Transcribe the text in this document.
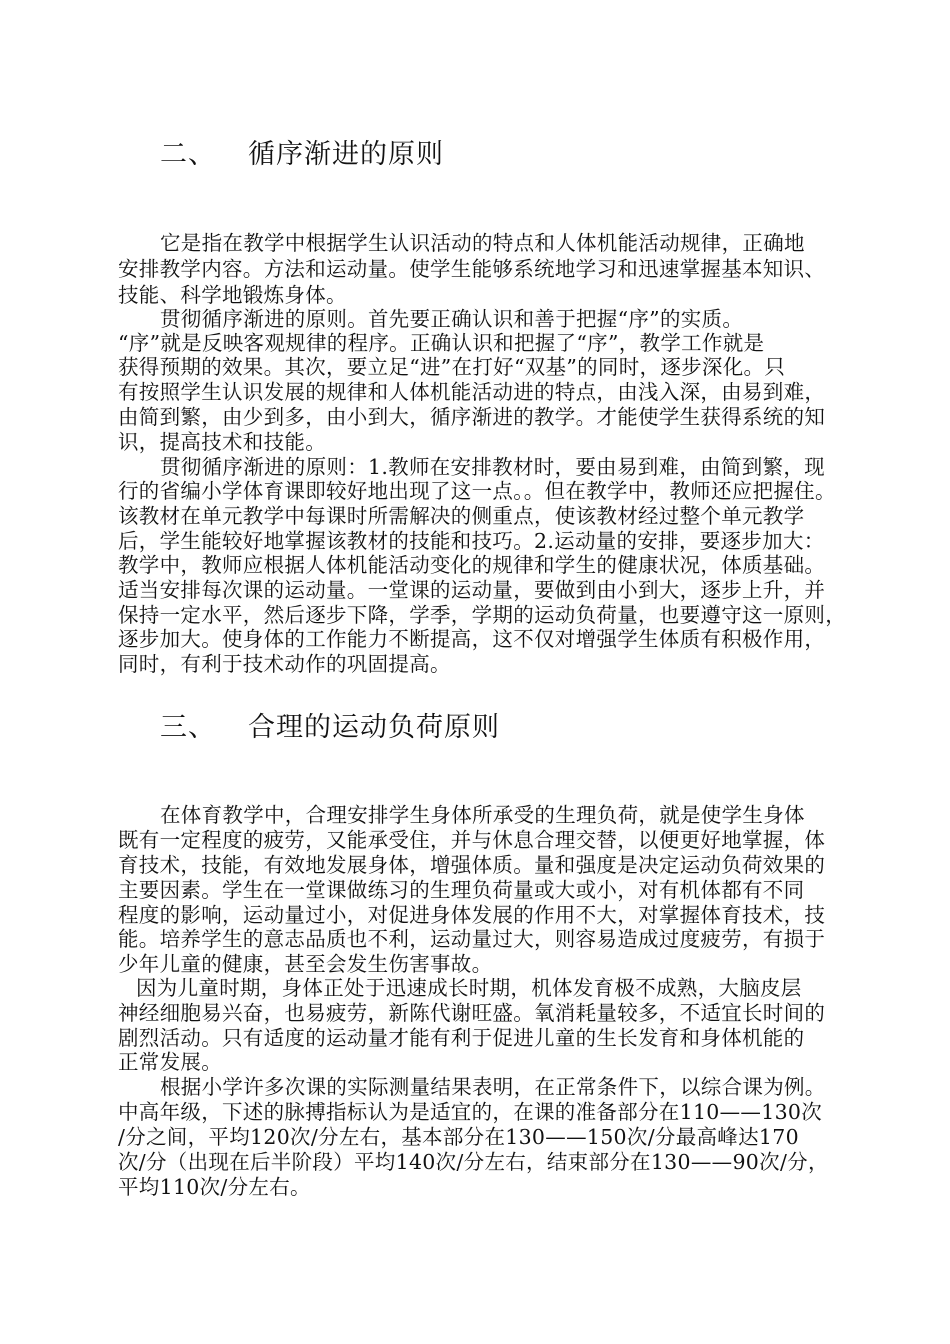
二、 循序渐进的原则
它是指在教学中根据学生认识活动的特点和人体机能活动规律，正确地
安排教学内容。方法和运动量。使学生能够系统地学习和迅速掌握基本知识、
技能、科学地锻炼身体。
贯彻循序渐进的原则。首先要正确认识和善于把握“序”的实质。
“序”就是反映客观规律的程序。正确认识和把握了“序”，教学工作就是
获得预期的效果。其次，要立足“进”在打好“双基”的同时，逐步深化。只
有按照学生认识发展的规律和人体机能活动进的特点，由浅入深，由易到难，
由简到繁，由少到多，由小到大，循序渐进的教学。才能使学生获得系统的知
识，提高技术和技能。
贯彻循序渐进的原则：1.教师在安排教材时，要由易到难，由简到繁，现
行的省编小学体育课即较好地出现了这一点。。但在教学中，教师还应把握住。
该教材在单元教学中每课时所需解决的侧重点，使该教材经过整个单元教学
后，学生能较好地掌握该教材的技能和技巧。2.运动量的安排，要逐步加大：
教学中，教师应根据人体机能活动变化的规律和学生的健康状况，体质基础。
适当安排每次课的运动量。一堂课的运动量，要做到由小到大，逐步上升，并
保持一定水平，然后逐步下降，学季，学期的运动负荷量，也要遵守这一原则，
逐步加大。使身体的工作能力不断提高，这不仅对增强学生体质有积极作用，
同时，有利于技术动作的巩固提高。
三、 合理的运动负荷原则
在体育教学中，合理安排学生身体所承受的生理负荷，就是使学生身体
既有一定程度的疲劳，又能承受住，并与休息合理交替，以便更好地掌握，体
育技术，技能，有效地发展身体，增强体质。量和强度是决定运动负荷效果的
主要因素。学生在一堂课做练习的生理负荷量或大或小，对有机体都有不同
程度的影响，运动量过小，对促进身体发展的作用不大，对掌握体育技术，技
能。培养学生的意志品质也不利，运动量过大，则容易造成过度疲劳，有损于
少年儿童的健康，甚至会发生伤害事故。
因为儿童时期，身体正处于迅速成长时期，机体发育极不成熟，大脑皮层
神经细胞易兴奋，也易疲劳，新陈代谢旺盛。氧消耗量较多，不适宜长时间的
剧烈活动。只有适度的运动量才能有利于促进儿童的生长发育和身体机能的
正常发展。
根据小学许多次课的实际测量结果表明，在正常条件下，以综合课为例。
中高年级，下述的脉搏指标认为是适宜的，在课的准备部分在110——130次
/分之间，平均120次/分左右，基本部分在130——150次/分最高峰达170
次/分（出现在后半阶段）平均140次/分左右，结束部分在130——90次/分，
平均110次/分左右。
